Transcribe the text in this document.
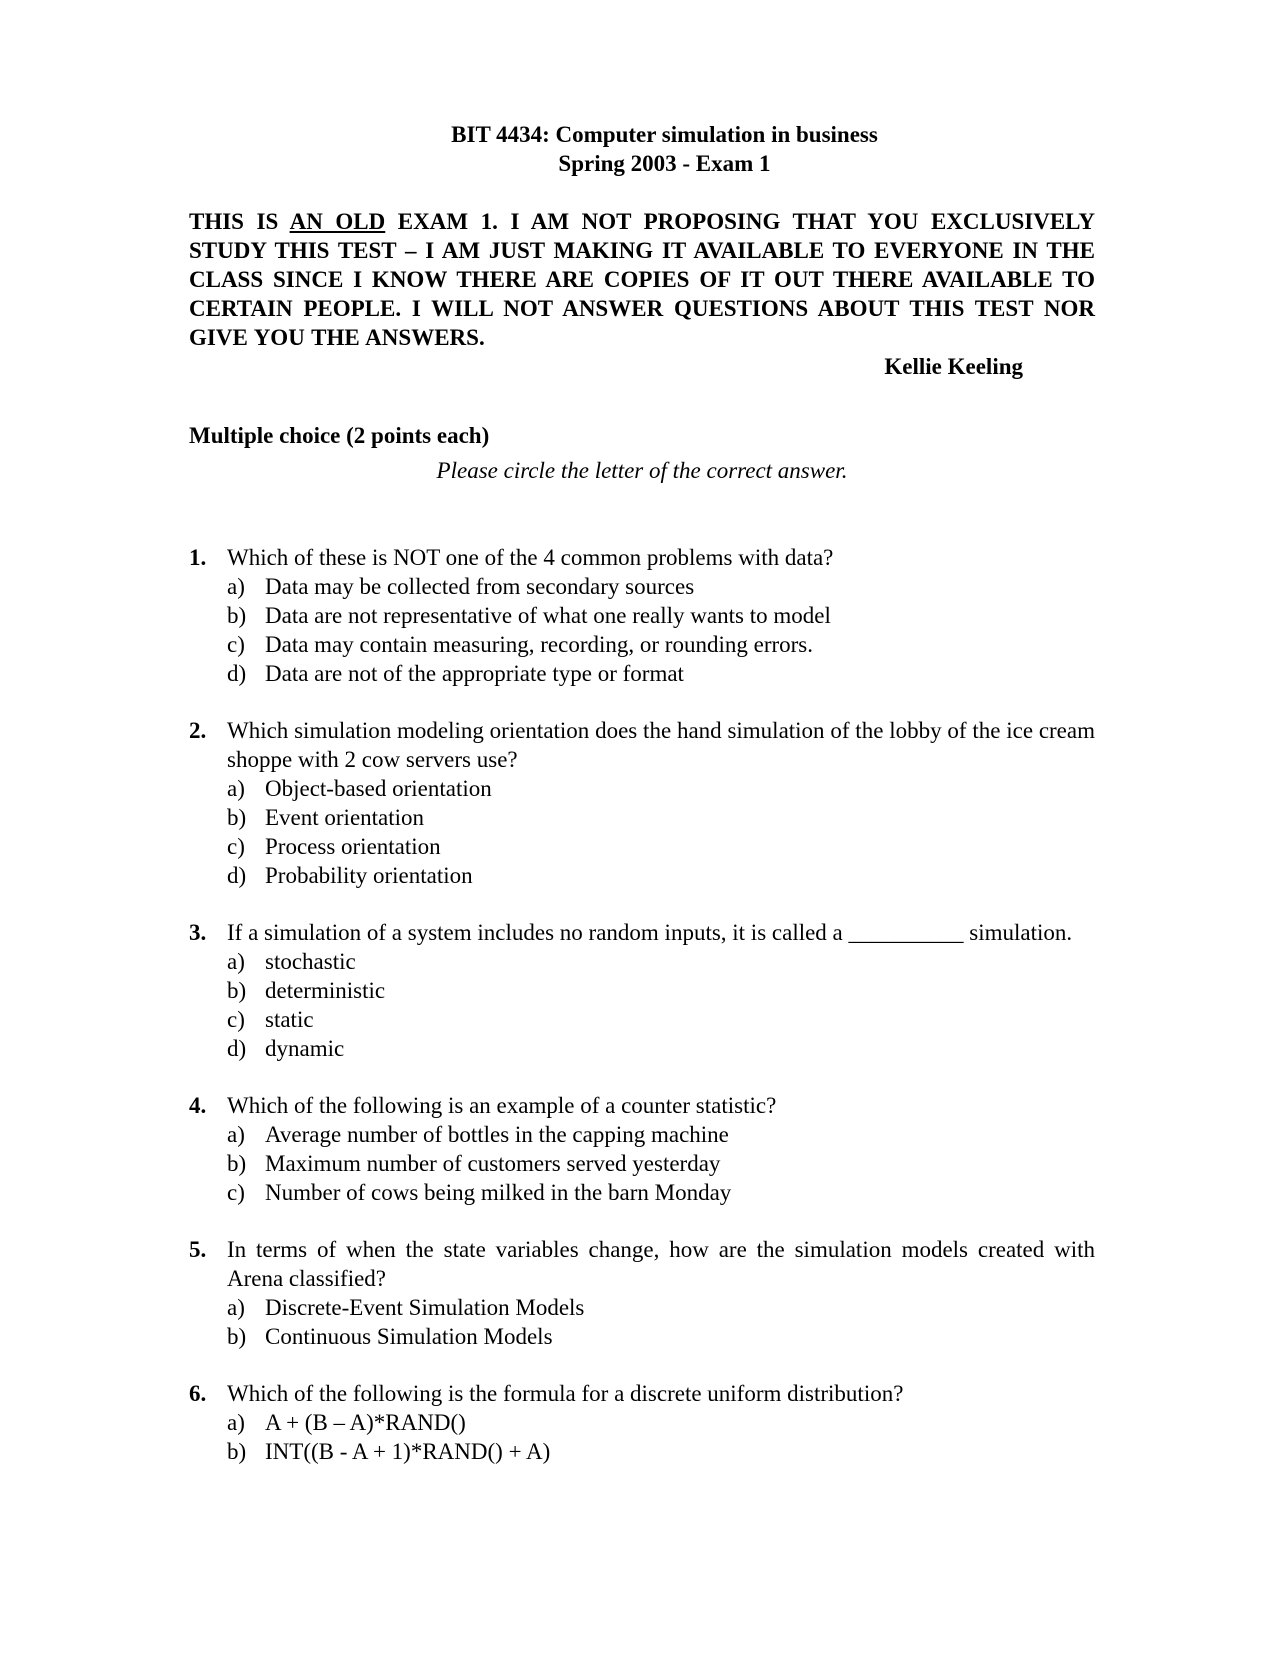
BIT 4434: Computer simulation in business
Spring 2003 - Exam 1
THIS IS AN OLD EXAM 1. I AM NOT PROPOSING THAT YOU EXCLUSIVELY STUDY THIS TEST – I AM JUST MAKING IT AVAILABLE TO EVERYONE IN THE CLASS SINCE I KNOW THERE ARE COPIES OF IT OUT THERE AVAILABLE TO CERTAIN PEOPLE. I WILL NOT ANSWER QUESTIONS ABOUT THIS TEST NOR GIVE YOU THE ANSWERS.
Kellie Keeling
Multiple choice (2 points each)
Please circle the letter of the correct answer.
1. Which of these is NOT one of the 4 common problems with data?
a) Data may be collected from secondary sources
b) Data are not representative of what one really wants to model
c) Data may contain measuring, recording, or rounding errors.
d) Data are not of the appropriate type or format
2. Which simulation modeling orientation does the hand simulation of the lobby of the ice cream shoppe with 2 cow servers use?
a) Object-based orientation
b) Event orientation
c) Process orientation
d) Probability orientation
3. If a simulation of a system includes no random inputs, it is called a __________ simulation.
a) stochastic
b) deterministic
c) static
d) dynamic
4. Which of the following is an example of a counter statistic?
a) Average number of bottles in the capping machine
b) Maximum number of customers served yesterday
c) Number of cows being milked in the barn Monday
5. In terms of when the state variables change, how are the simulation models created with Arena classified?
a) Discrete-Event Simulation Models
b) Continuous Simulation Models
6. Which of the following is the formula for a discrete uniform distribution?
a) A + (B – A)*RAND()
b) INT((B - A + 1)*RAND() + A)
